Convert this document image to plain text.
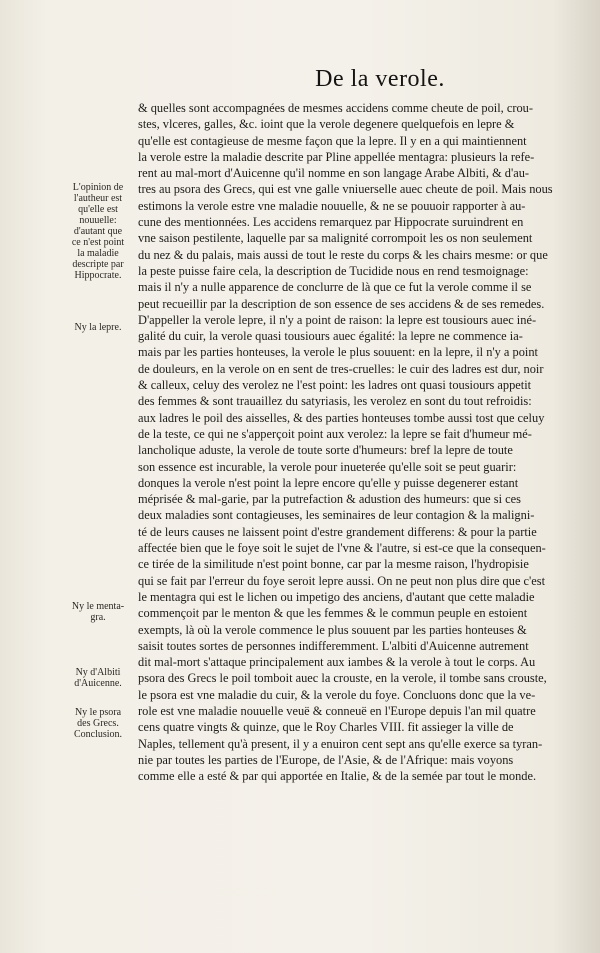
De la verole.
& quelles sont accompagnées de mesmes accidens comme cheute de poil, crou-
stes, vlceres, galles, &c. ioint que la verole degenere quelquefois en lepre &
qu'elle est contagieuse de mesme façon que la lepre. Il y en a qui maintiennent
la verole estre la maladie descrite par Pline appellée mentagra: plusieurs la refe-
rent au mal-mort d'Auicenne qu'il nomme en son langage Arabe Albiti, & d'au-
tres au psora des Grecs, qui est vne galle vniuerselle auec cheute de poil. Mais nous
estimons la verole estre vne maladie nouuelle, & ne se pouuoir rapporter à au-
cune des mentionnées. Les accidens remarquez par Hippocrate suruindrent en
vne saison pestilente, laquelle par sa malignité corrompoit les os non seulement
du nez & du palais, mais aussi de tout le reste du corps & les chairs mesme: or que
la peste puisse faire cela, la description de Tucidide nous en rend tesmoignage:
mais il n'y a nulle apparence de conclurre de là que ce fut la verole comme il se
peut recueillir par la description de son essence de ses accidens & de ses remedes.
D'appeller la verole lepre, il n'y a point de raison: la lepre est tousiours auec iné-
galité du cuir, la verole quasi tousiours auec égalité: la lepre ne commence ia-
mais par les parties honteuses, la verole le plus souuent: en la lepre, il n'y a point
de douleurs, en la verole on en sent de tres-cruelles: le cuir des ladres est dur, noir
& calleux, celuy des verolez ne l'est point: les ladres ont quasi tousiours appetit
des femmes & sont trauaillez du satyriasis, les verolez en sont du tout refroidis:
aux ladres le poil des aisselles, & des parties honteuses tombe aussi tost que celuy
de la teste, ce qui ne s'apperçoit point aux verolez: la lepre se fait d'humeur mé-
lancholique aduste, la verole de toute sorte d'humeurs: bref la lepre de toute
son essence est incurable, la verole pour inueterée qu'elle soit se peut guarir:
donques la verole n'est point la lepre encore qu'elle y puisse degenerer estant
méprisée & mal-garie, par la putrefaction & adustion des humeurs: que si ces
deux maladies sont contagieuses, les seminaires de leur contagion & la maligni-
té de leurs causes ne laissent point d'estre grandement differens: & pour la partie
affectée bien que le foye soit le sujet de l'vne & l'autre, si est-ce que la consequen-
ce tirée de la similitude n'est point bonne, car par la mesme raison, l'hydropisie
qui se fait par l'erreur du foye seroit lepre aussi. On ne peut non plus dire que c'est
le mentagra qui est le lichen ou impetigo des anciens, d'autant que cette maladie
commençoit par le menton & que les femmes & le commun peuple en estoient
exempts, là où la verole commence le plus souuent par les parties honteuses &
saisit toutes sortes de personnes indifferemment. L'albiti d'Auicenne autrement
dit mal-mort s'attaque principalement aux iambes & la verole à tout le corps. Au
psora des Grecs le poil tomboit auec la crouste, en la verole, il tombe sans crouste,
le psora est vne maladie du cuir, & la verole du foye. Concluons donc que la ve-
role est vne maladie nouuelle veuë & conneuë en l'Europe depuis l'an mil quatre
cens quatre vingts & quinze, que le Roy Charles VIII. fit assieger la ville de
Naples, tellement qu'à present, il y a enuiron cent sept ans qu'elle exerce sa tyran-
nie par toutes les parties de l'Europe, de l'Asie, & de l'Afrique: mais voyons
comme elle a esté & par qui apportée en Italie, & de la semée par tout le monde.
L'opinion de
l'autheur est
qu'elle est
nouuelle:
d'autant que
ce n'est point
la maladie
descripte par
Hippocrate.
Ny la lepre.
Ny le menta-
gra.
Ny d'Albiti
d'Auicenne.
Ny le psora
des Grecs.
Conclusion.
